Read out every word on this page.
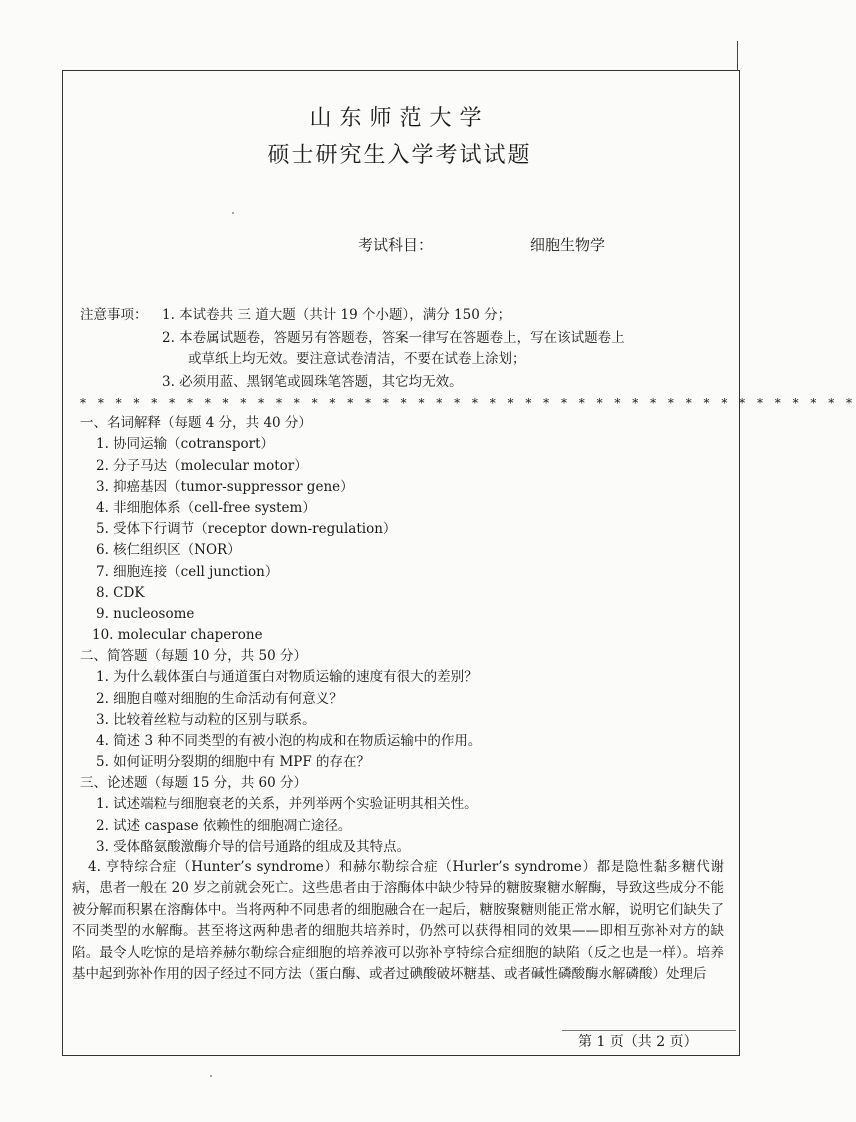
山东师范大学
硕士研究生入学考试试题
考试科目：	细胞生物学
注意事项： 1. 本试卷共 三 道大题（共计 19 个小题），满分 150 分；
2. 本卷属试题卷，答题另有答题卷，答案一律写在答题卷上，写在该试题卷上
或草纸上均无效。要注意试卷清洁，不要在试卷上涂划；
3. 必须用蓝、黑钢笔或圆珠笔答题，其它均无效。
* * * * * * * * * * * * * * * * * * * * * * * * * * * * * * * * * * * * * * * * * * * *
一、名词解释（每题 4 分，共 40 分）
1. 协同运输（cotransport）
2. 分子马达（molecular motor）
3. 抑癌基因（tumor-suppressor gene）
4. 非细胞体系（cell-free system）
5. 受体下行调节（receptor down-regulation）
6. 核仁组织区（NOR）
7. 细胞连接（cell junction）
8. CDK
9. nucleosome
10. molecular chaperone
二、简答题（每题 10 分，共 50 分）
1. 为什么载体蛋白与通道蛋白对物质运输的速度有很大的差别？
2. 细胞自噬对细胞的生命活动有何意义？
3. 比较着丝粒与动粒的区别与联系。
4. 简述 3 种不同类型的有被小泡的构成和在物质运输中的作用。
5. 如何证明分裂期的细胞中有 MPF 的存在？
三、论述题（每题 15 分，共 60 分）
1. 试述端粒与细胞衰老的关系，并列举两个实验证明其相关性。
2. 试述 caspase 依赖性的细胞凋亡途径。
3. 受体酪氨酸激酶介导的信号通路的组成及其特点。
4. 亨特综合症（Hunter’s syndrome）和赫尔勒综合症（Hurler’s syndrome）都是隐性黏多糖代谢病，患者一般在 20 岁之前就会死亡。这些患者由于溶酶体中缺少特异的糖胺聚糖水解酶，导致这些成分不能被分解而积累在溶酶体中。当将两种不同患者的细胞融合在一起后，糖胺聚糖则能正常水解，说明它们缺失了不同类型的水解酶。甚至将这两种患者的细胞共培养时，仍然可以获得相同的效果——即相互弥补对方的缺陷。最令人吃惊的是培养赫尔勒综合症细胞的培养液可以弥补亨特综合症细胞的缺陷（反之也是一样）。培养基中起到弥补作用的因子经过不同方法（蛋白酶、或者过碘酸破坏糖基、或者碱性磷酸酶水解磷酸）处理后
第 1 页（共 2 页）
